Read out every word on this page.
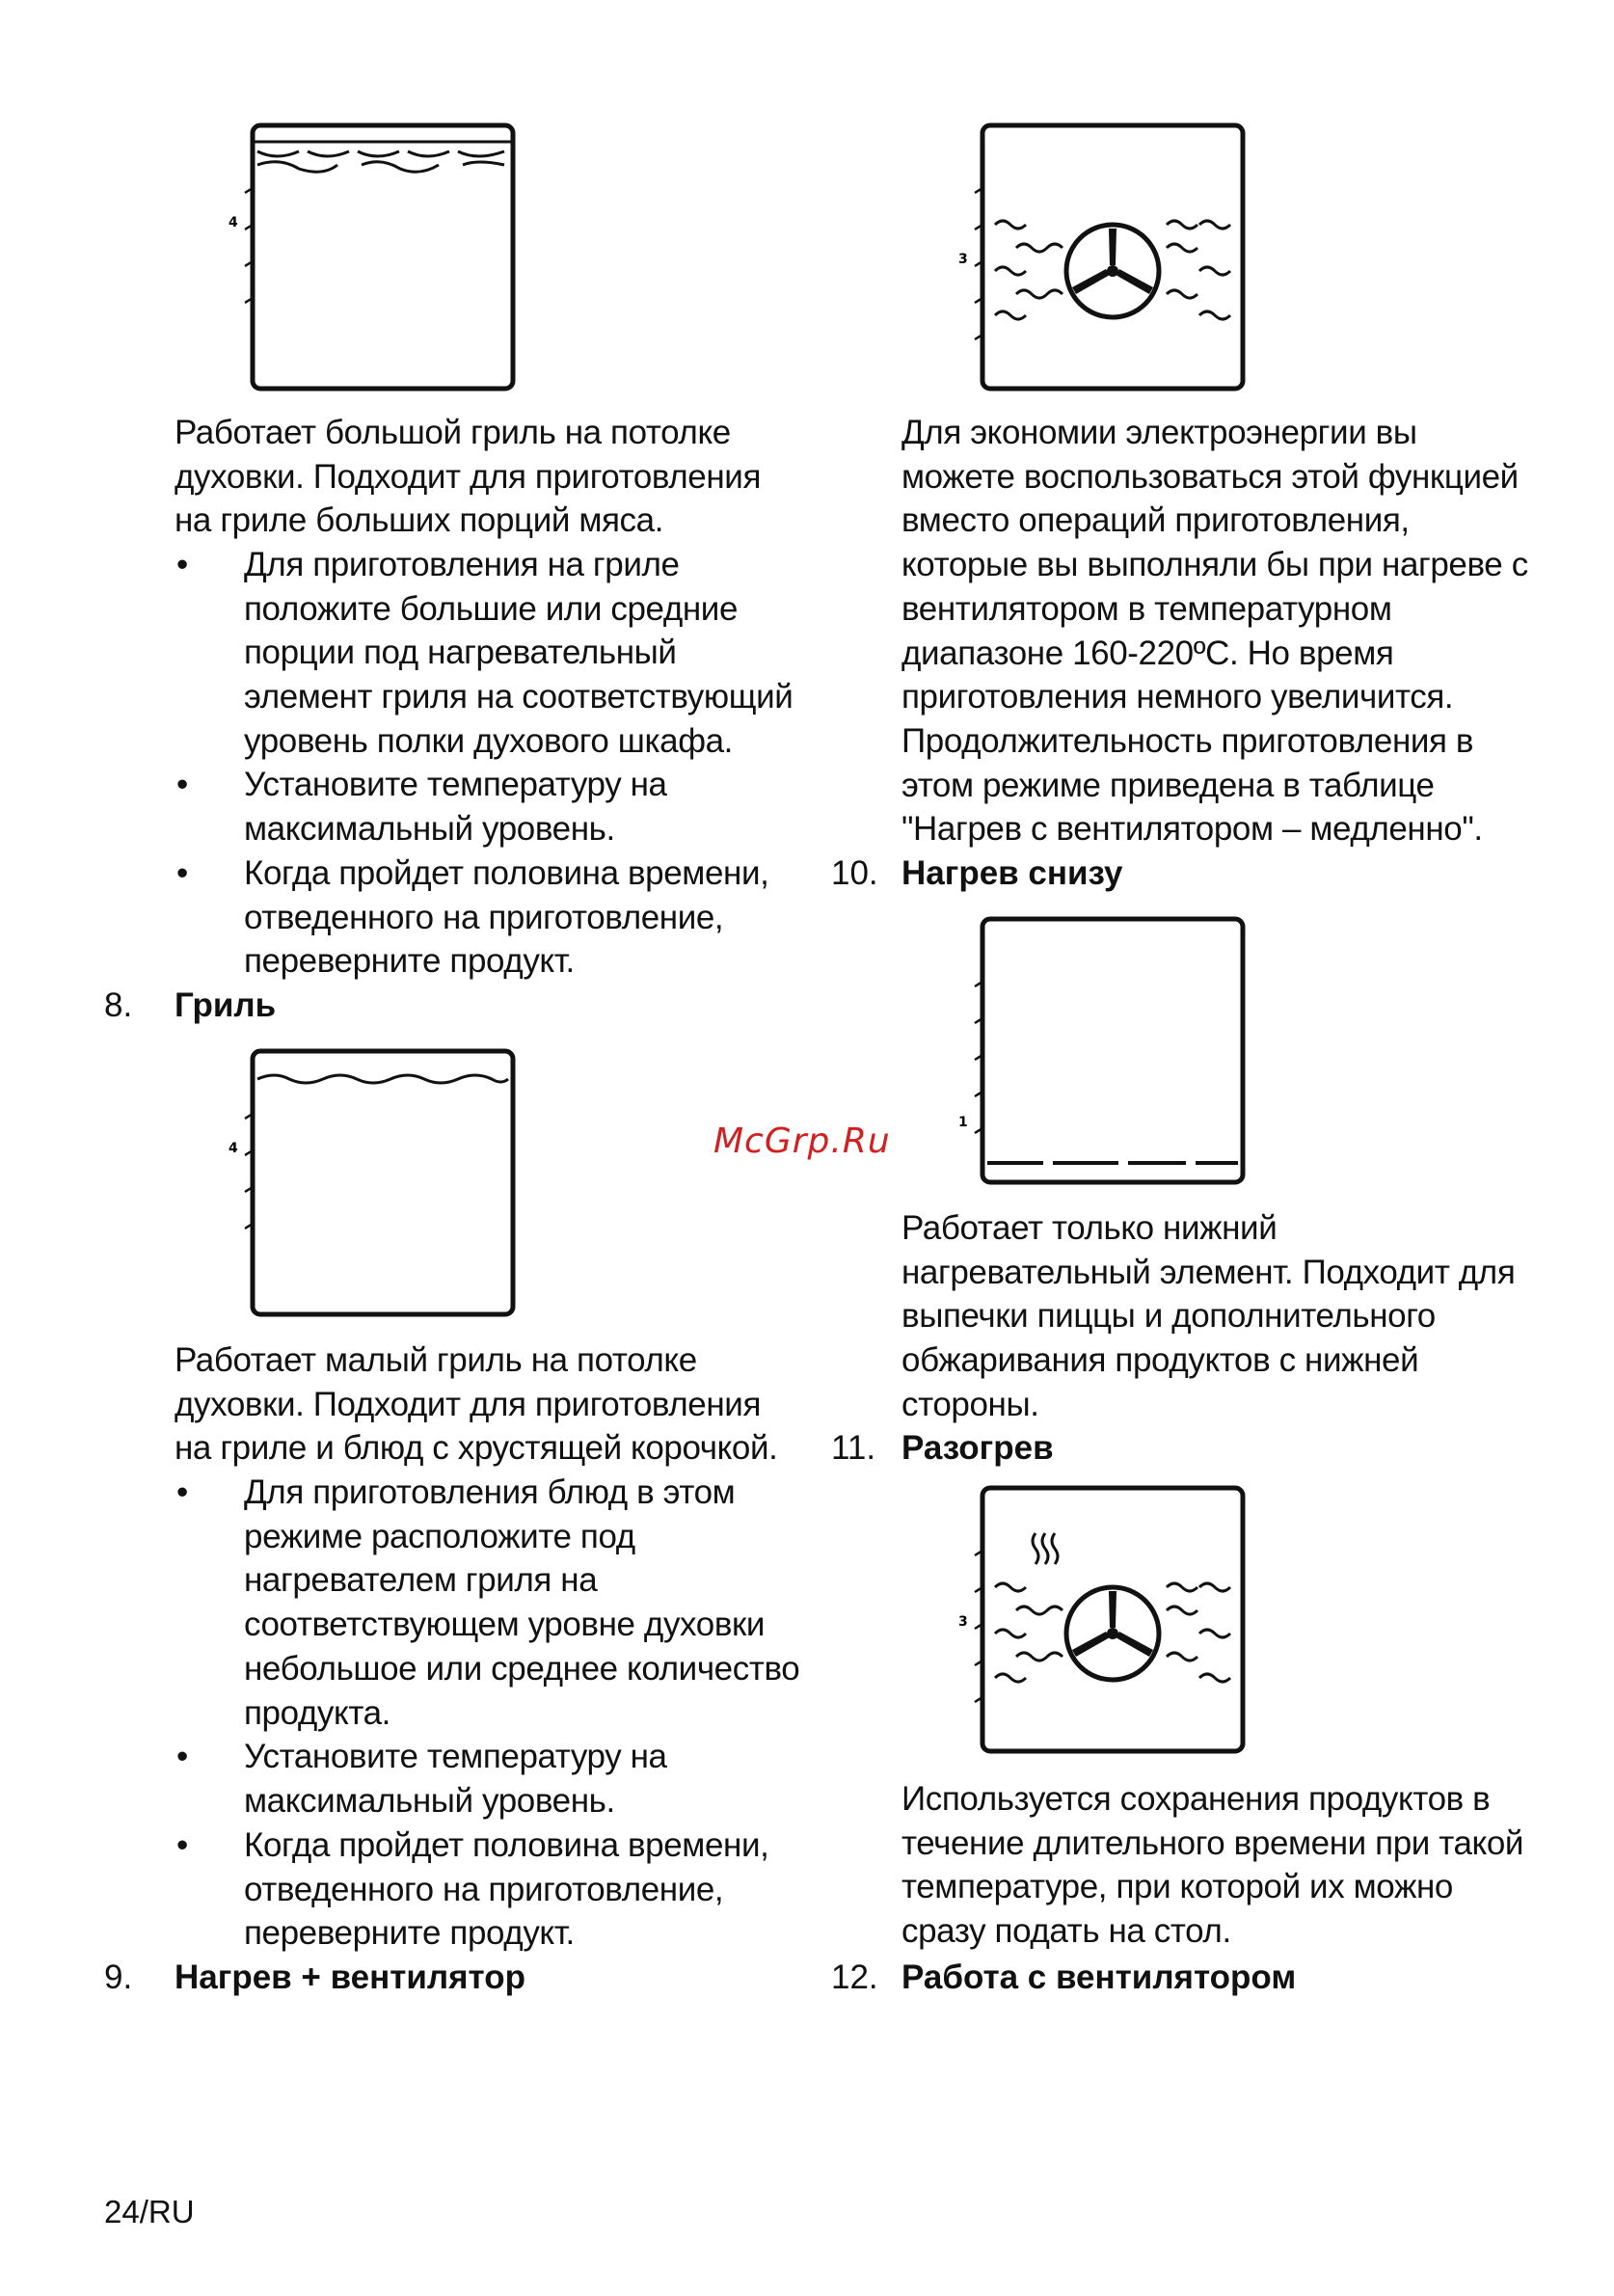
4
Работает большой гриль на потолке
духовки. Подходит для приготовления
на гриле больших порций мяса.
• Для приготовления на гриле
положите большие или средние
порции под нагревательный
элемент гриля на соответствующий
уровень полки духового шкафа.
• Установите температуру на
максимальный уровень.
• Когда пройдет половина времени,
отведенного на приготовление,
переверните продукт.
8. Гриль
4
Работает малый гриль на потолке
духовки. Подходит для приготовления
на гриле и блюд с хрустящей корочкой.
• Для приготовления блюд в этом
режиме расположите под
нагревателем гриля на
соответствующем уровне духовки
небольшое или среднее количество
продукта.
• Установите температуру на
максимальный уровень.
• Когда пройдет половина времени,
отведенного на приготовление,
переверните продукт.
9. Нагрев + вентилятор
3
Для экономии электроэнергии вы
можете воспользоваться этой функцией
вместо операций приготовления,
которые вы выполняли бы при нагреве с
вентилятором в температурном
диапазоне 160-220ºC. Но время
приготовления немного увеличится.
Продолжительность приготовления в
этом режиме приведена в таблице
"Нагрев с вентилятором – медленно".
10. Нагрев снизу
1
McGrp.Ru
Работает только нижний
нагревательный элемент. Подходит для
выпечки пиццы и дополнительного
обжаривания продуктов с нижней
стороны.
11. Разогрев
3
Используется сохранения продуктов в
течение длительного времени при такой
температуре, при которой их можно
сразу подать на стол.
12. Работа с вентилятором
24/RU
